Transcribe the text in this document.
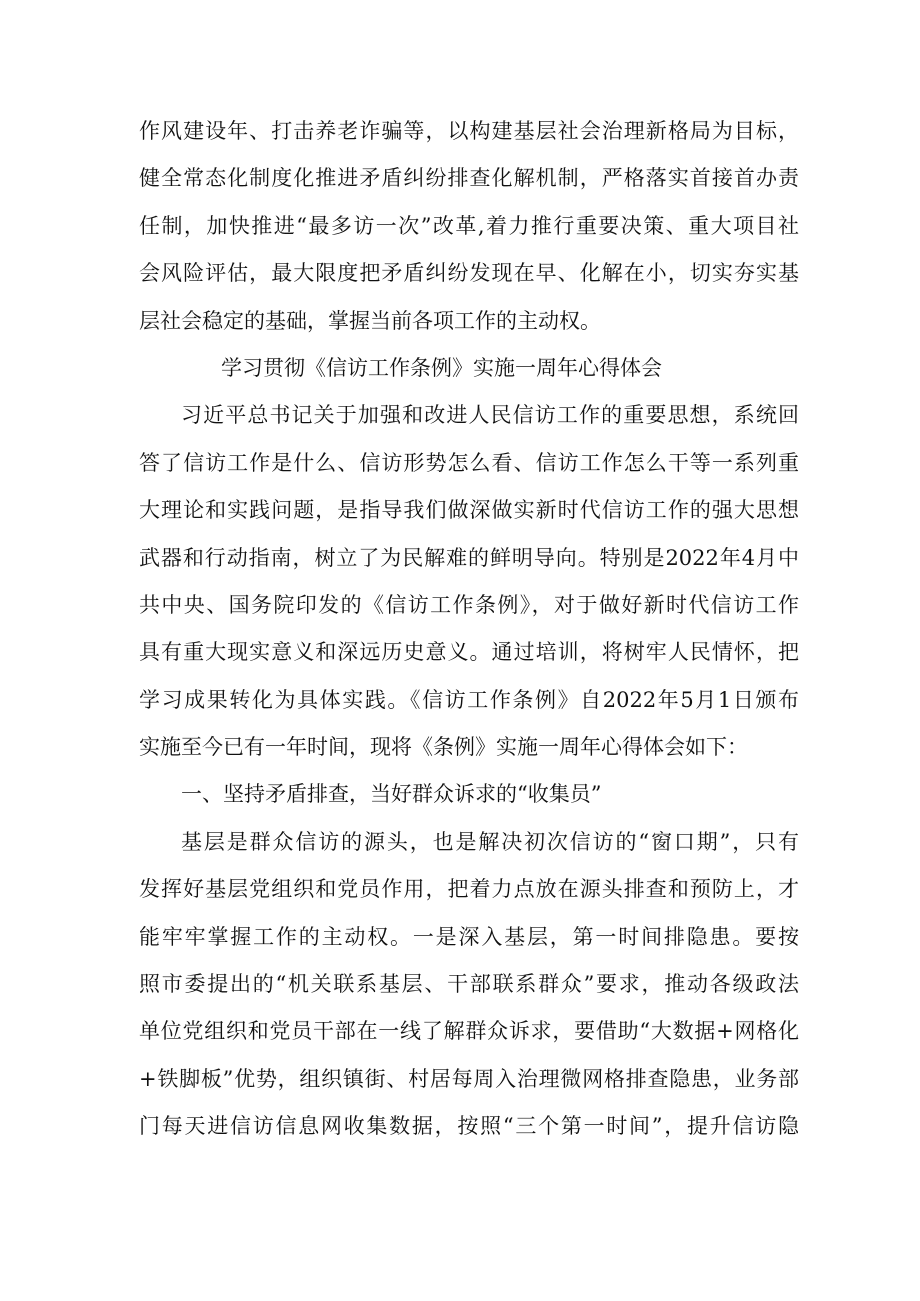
作风建设年、打击养老诈骗等，以构建基层社会治理新格局为目标，
健全常态化制度化推进矛盾纠纷排查化解机制，严格落实首接首办责
任制，加快推进“最多访一次”改革,着力推行重要决策、重大项目社
会风险评估，最大限度把矛盾纠纷发现在早、化解在小，切实夯实基
层社会稳定的基础，掌握当前各项工作的主动权。
学习贯彻《信访工作条例》实施一周年心得体会
习近平总书记关于加强和改进人民信访工作的重要思想，系统回
答了信访工作是什么、信访形势怎么看、信访工作怎么干等一系列重
大理论和实践问题，是指导我们做深做实新时代信访工作的强大思想
武器和行动指南，树立了为民解难的鲜明导向。特别是2022年4月中
共中央、国务院印发的《信访工作条例》，对于做好新时代信访工作
具有重大现实意义和深远历史意义。通过培训，将树牢人民情怀，把
学习成果转化为具体实践。《信访工作条例》自2022年5月1日颁布
实施至今已有一年时间，现将《条例》实施一周年心得体会如下：
一、坚持矛盾排查，当好群众诉求的“收集员”
基层是群众信访的源头，也是解决初次信访的“窗口期”，只有
发挥好基层党组织和党员作用，把着力点放在源头排查和预防上，才
能牢牢掌握工作的主动权。一是深入基层，第一时间排隐患。要按
照市委提出的“机关联系基层、干部联系群众”要求，推动各级政法
单位党组织和党员干部在一线了解群众诉求，要借助“大数据+网格化
+铁脚板”优势，组织镇街、村居每周入治理微网格排查隐患，业务部
门每天进信访信息网收集数据，按照“三个第一时间”，提升信访隐
